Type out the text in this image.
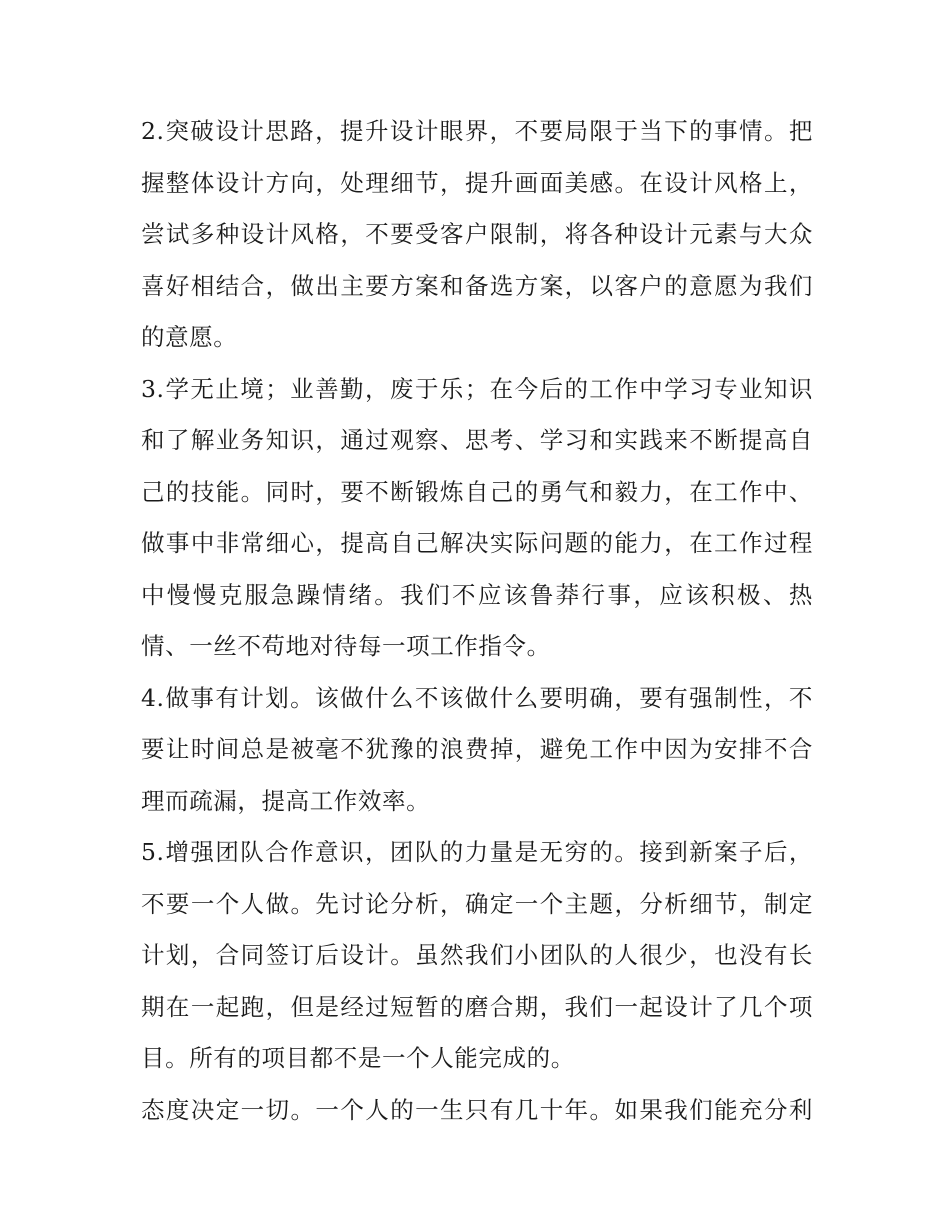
2.突破设计思路，提升设计眼界，不要局限于当下的事情。把
握整体设计方向，处理细节，提升画面美感。在设计风格上，
尝试多种设计风格，不要受客户限制，将各种设计元素与大众
喜好相结合，做出主要方案和备选方案，以客户的意愿为我们
的意愿。

3.学无止境；业善勤，废于乐；在今后的工作中学习专业知识
和了解业务知识，通过观察、思考、学习和实践来不断提高自
己的技能。同时，要不断锻炼自己的勇气和毅力，在工作中、
做事中非常细心，提高自己解决实际问题的能力，在工作过程
中慢慢克服急躁情绪。我们不应该鲁莽行事，应该积极、热
情、一丝不苟地对待每一项工作指令。

4.做事有计划。该做什么不该做什么要明确，要有强制性，不
要让时间总是被毫不犹豫的浪费掉，避免工作中因为安排不合
理而疏漏，提高工作效率。

5.增强团队合作意识，团队的力量是无穷的。接到新案子后，
不要一个人做。先讨论分析，确定一个主题，分析细节，制定
计划，合同签订后设计。虽然我们小团队的人很少，也没有长
期在一起跑，但是经过短暂的磨合期，我们一起设计了几个项
目。所有的项目都不是一个人能完成的。

态度决定一切。一个人的一生只有几十年。如果我们能充分利
